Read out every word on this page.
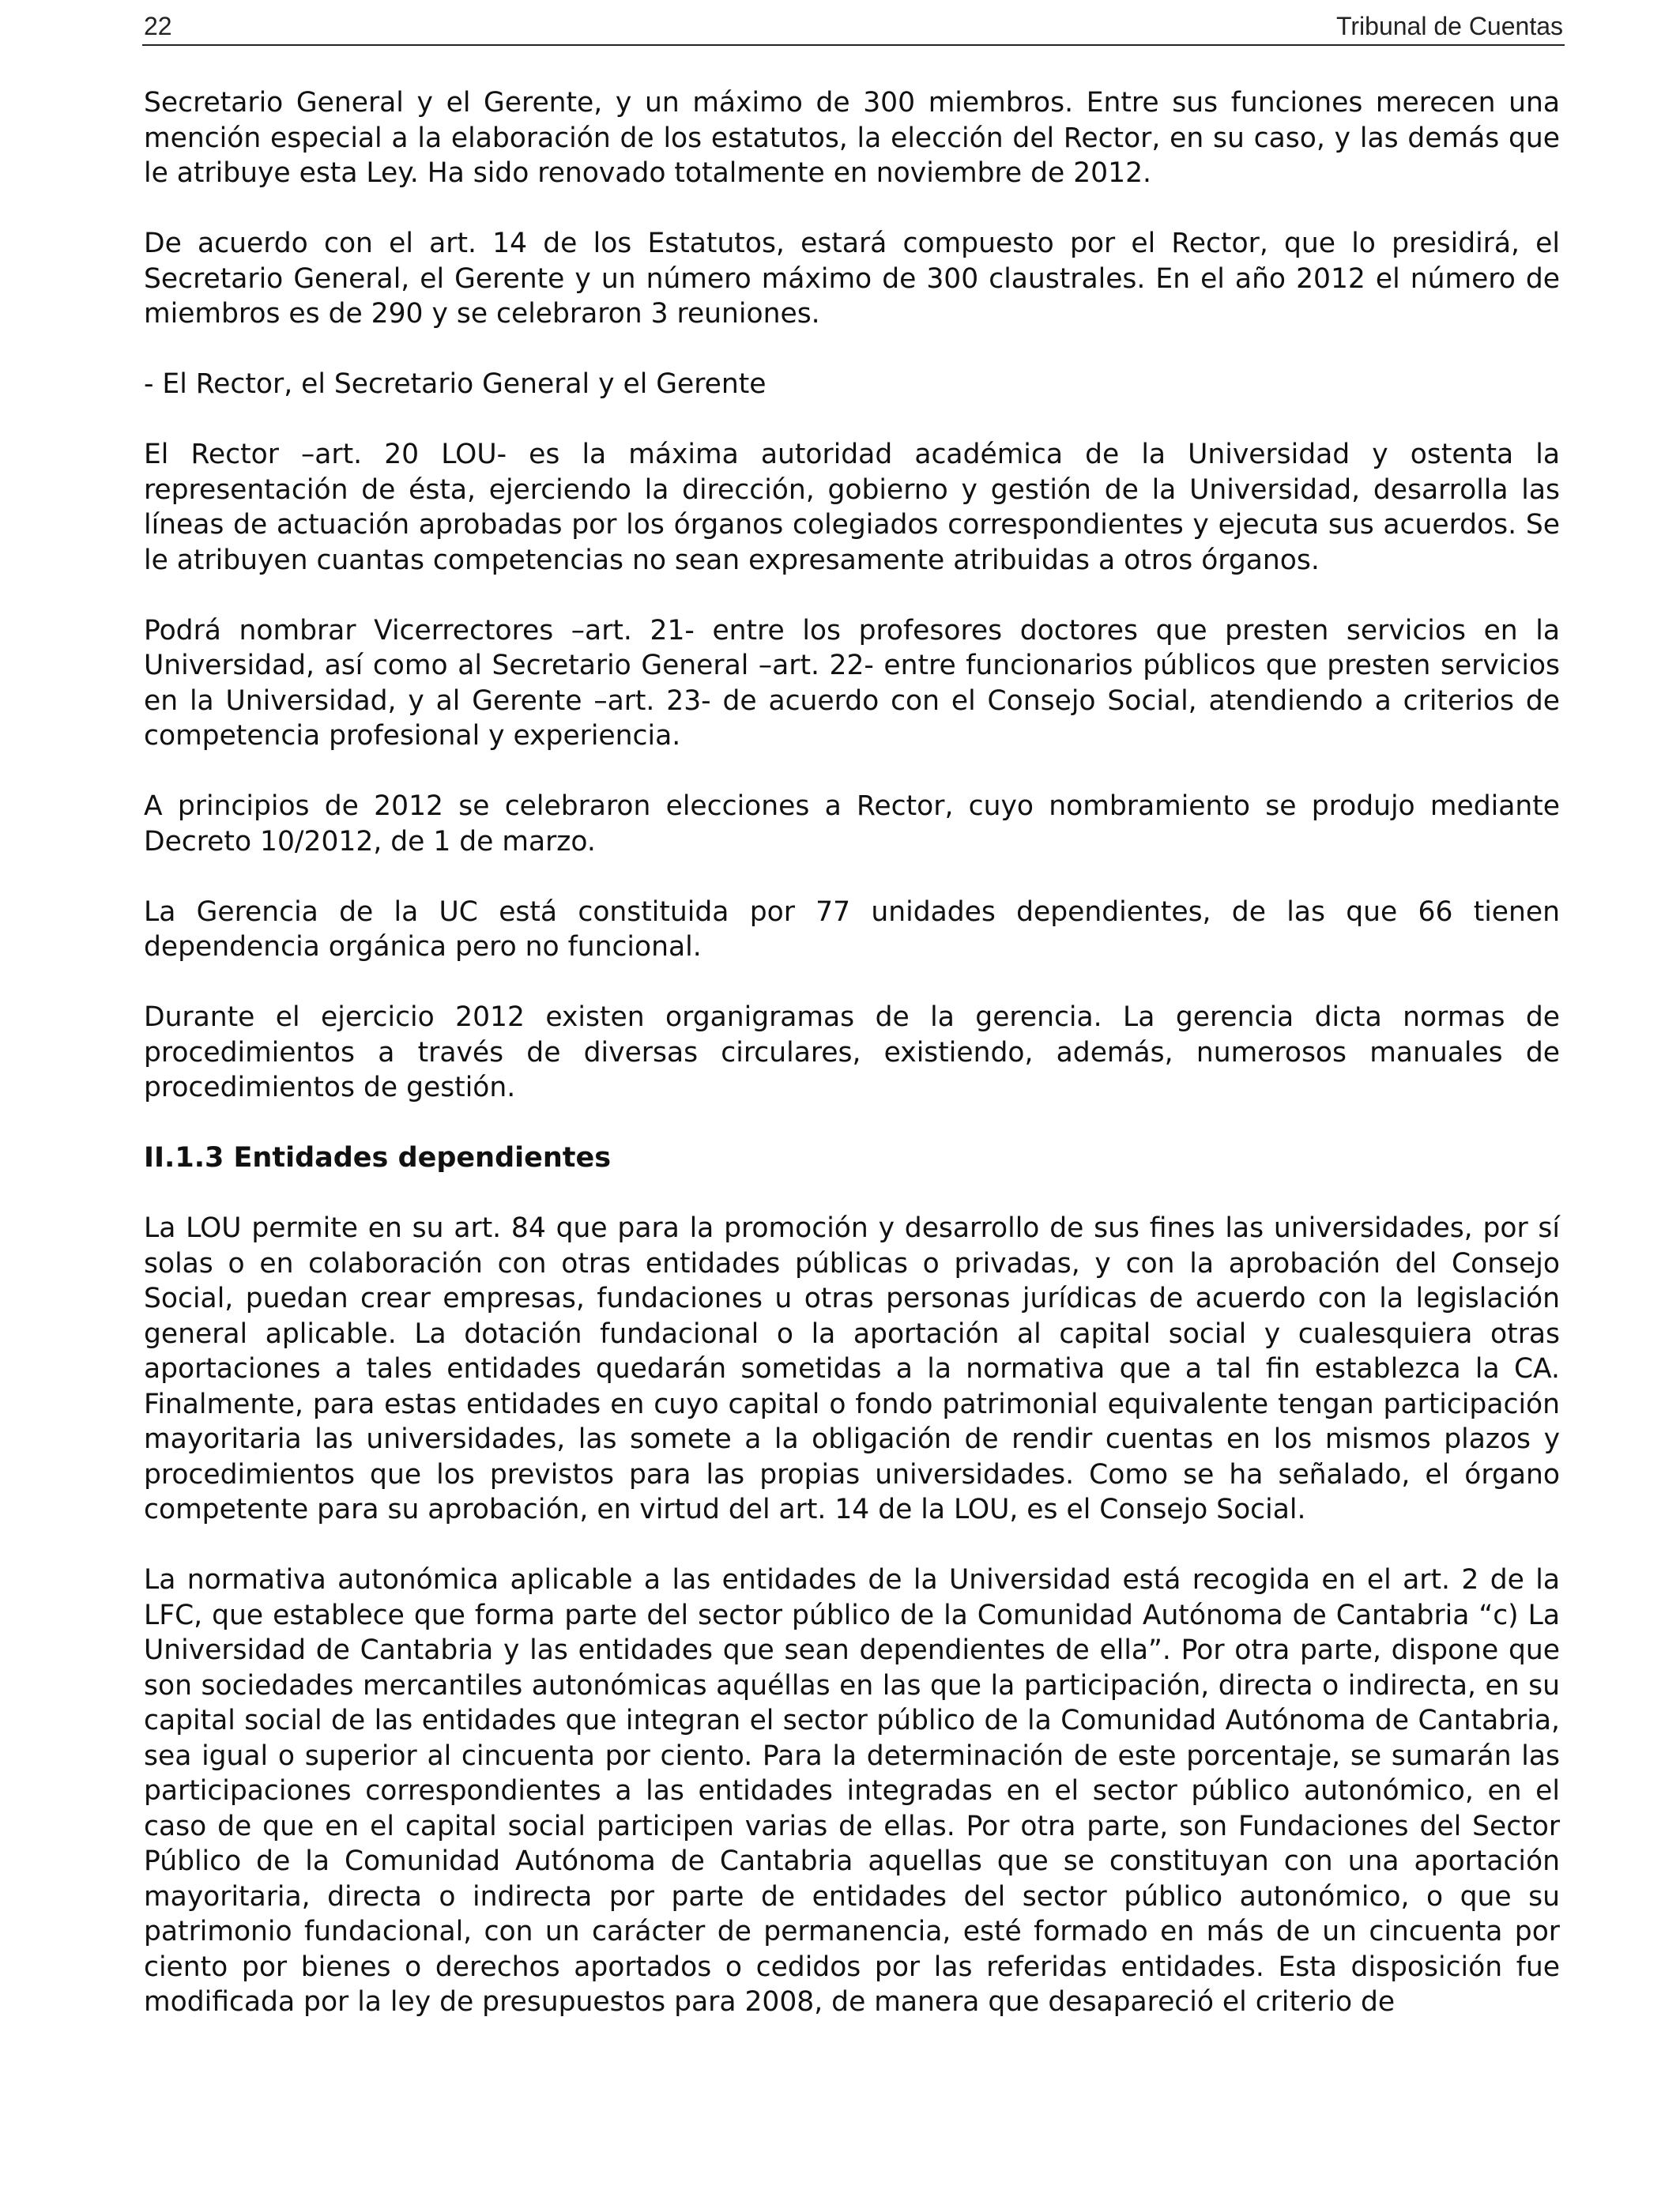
22	Tribunal de Cuentas

Secretario General y el Gerente, y un máximo de 300 miembros. Entre sus funciones merecen una mención especial a la elaboración de los estatutos, la elección del Rector, en su caso, y las demás que le atribuye esta Ley. Ha sido renovado totalmente en noviembre de 2012.

De acuerdo con el art. 14 de los Estatutos, estará compuesto por el Rector, que lo presidirá, el Secretario General, el Gerente y un número máximo de 300 claustrales. En el año 2012 el número de miembros es de 290 y se celebraron 3 reuniones.

- El Rector, el Secretario General y el Gerente

El Rector –art. 20 LOU- es la máxima autoridad académica de la Universidad y ostenta la representación de ésta, ejerciendo la dirección, gobierno y gestión de la Universidad, desarrolla las líneas de actuación aprobadas por los órganos colegiados correspondientes y ejecuta sus acuerdos. Se le atribuyen cuantas competencias no sean expresamente atribuidas a otros órganos.

Podrá nombrar Vicerrectores –art. 21- entre los profesores doctores que presten servicios en la Universidad, así como al Secretario General –art. 22- entre funcionarios públicos que presten servicios en la Universidad, y al Gerente –art. 23- de acuerdo con el Consejo Social, atendiendo a criterios de competencia profesional y experiencia.

A principios de 2012 se celebraron elecciones a Rector, cuyo nombramiento se produjo mediante Decreto 10/2012, de 1 de marzo.

La Gerencia de la UC está constituida por 77 unidades dependientes, de las que 66 tienen dependencia orgánica pero no funcional.

Durante el ejercicio 2012 existen organigramas de la gerencia. La gerencia dicta normas de procedimientos a través de diversas circulares, existiendo, además, numerosos manuales de procedimientos de gestión.

II.1.3 Entidades dependientes

La LOU permite en su art. 84 que para la promoción y desarrollo de sus fines las universidades, por sí solas o en colaboración con otras entidades públicas o privadas, y con la aprobación del Consejo Social, puedan crear empresas, fundaciones u otras personas jurídicas de acuerdo con la legislación general aplicable. La dotación fundacional o la aportación al capital social y cualesquiera otras aportaciones a tales entidades quedarán sometidas a la normativa que a tal fin establezca la CA. Finalmente, para estas entidades en cuyo capital o fondo patrimonial equivalente tengan participación mayoritaria las universidades, las somete a la obligación de rendir cuentas en los mismos plazos y procedimientos que los previstos para las propias universidades. Como se ha señalado, el órgano competente para su aprobación, en virtud del art. 14 de la LOU, es el Consejo Social.

La normativa autonómica aplicable a las entidades de la Universidad está recogida en el art. 2 de la LFC, que establece que forma parte del sector público de la Comunidad Autónoma de Cantabria “c) La Universidad de Cantabria y las entidades que sean dependientes de ella”. Por otra parte, dispone que son sociedades mercantiles autonómicas aquéllas en las que la participación, directa o indirecta, en su capital social de las entidades que integran el sector público de la Comunidad Autónoma de Cantabria, sea igual o superior al cincuenta por ciento. Para la determinación de este porcentaje, se sumarán las participaciones correspondientes a las entidades integradas en el sector público autonómico, en el caso de que en el capital social participen varias de ellas. Por otra parte, son Fundaciones del Sector Público de la Comunidad Autónoma de Cantabria aquellas que se constituyan con una aportación mayoritaria, directa o indirecta por parte de entidades del sector público autonómico, o que su patrimonio fundacional, con un carácter de permanencia, esté formado en más de un cincuenta por ciento por bienes o derechos aportados o cedidos por las referidas entidades. Esta disposición fue modificada por la ley de presupuestos para 2008, de manera que desapareció el criterio de
